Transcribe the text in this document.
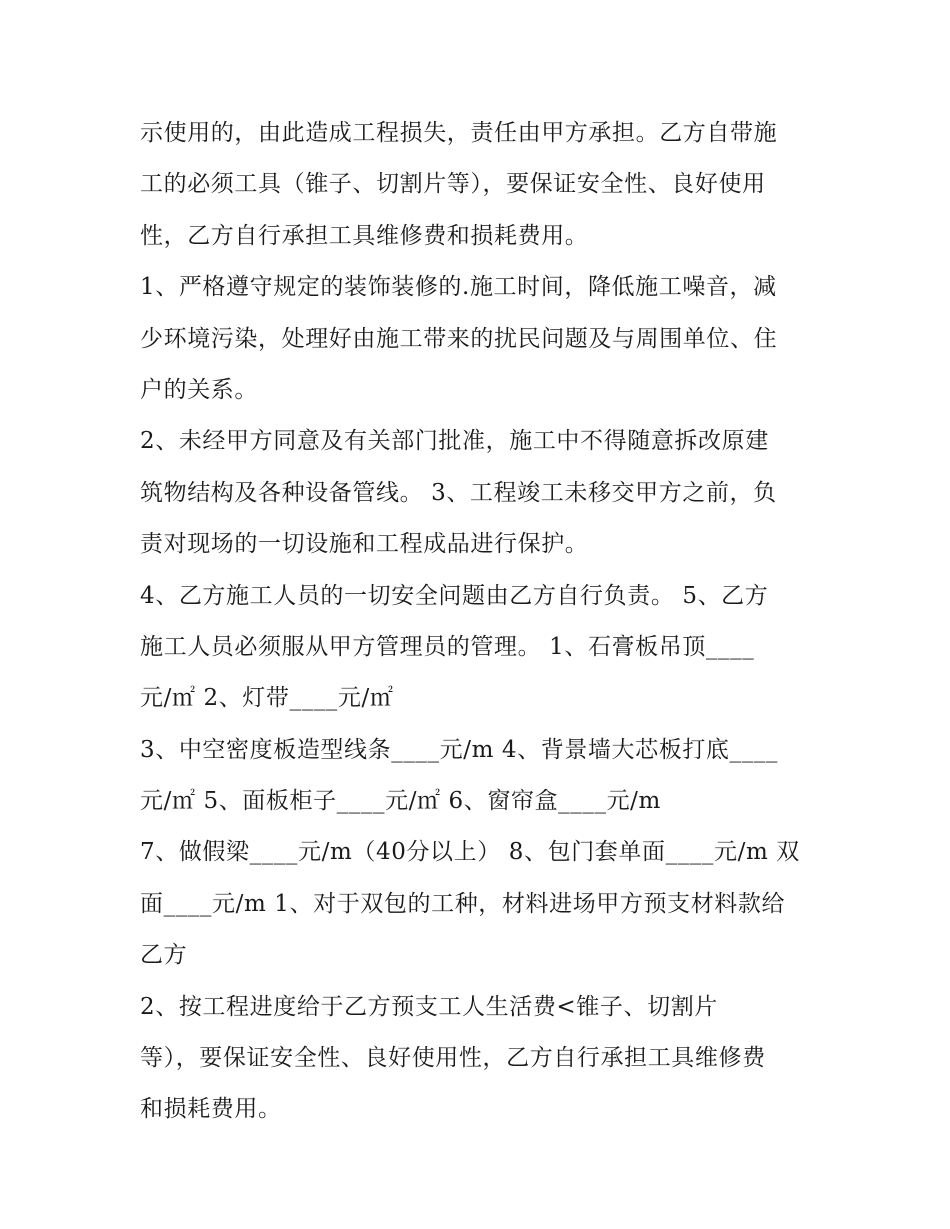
示使用的，由此造成工程损失，责任由甲方承担。乙方自带施
工的必须工具（锥子、切割片等），要保证安全性、良好使用
性，乙方自行承担工具维修费和损耗费用。
1、严格遵守规定的装饰装修的.施工时间，降低施工噪音，减
少环境污染，处理好由施工带来的扰民问题及与周围单位、住
户的关系。
2、未经甲方同意及有关部门批准，施工中不得随意拆改原建
筑物结构及各种设备管线。 3、工程竣工未移交甲方之前，负
责对现场的一切设施和工程成品进行保护。
4、乙方施工人员的一切安全问题由乙方自行负责。 5、乙方
施工人员必须服从甲方管理员的管理。 1、石膏板吊顶____
元/㎡ 2、灯带____元/㎡
3、中空密度板造型线条____元/m 4、背景墙大芯板打底____
元/㎡ 5、面板柜子____元/㎡ 6、窗帘盒____元/m
7、做假梁____元/m（40分以上） 8、包门套单面____元/m 双
面____元/m 1、对于双包的工种，材料进场甲方预支材料款给
乙方
2、按工程进度给于乙方预支工人生活费<锥子、切割片
等），要保证安全性、良好使用性，乙方自行承担工具维修费
和损耗费用。
